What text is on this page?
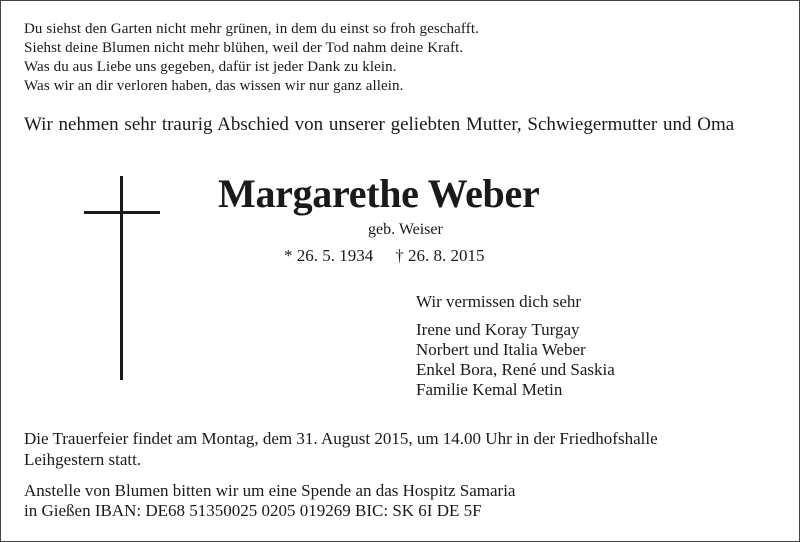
Du siehst den Garten nicht mehr grünen, in dem du einst so froh geschafft.
Siehst deine Blumen nicht mehr blühen, weil der Tod nahm deine Kraft.
Was du aus Liebe uns gegeben, dafür ist jeder Dank zu klein.
Was wir an dir verloren haben, das wissen wir nur ganz allein.
Wir nehmen sehr traurig Abschied von unserer geliebten Mutter, Schwiegermutter und Oma
Margarethe Weber
geb. Weiser
* 26. 5. 1934 † 26. 8. 2015
Wir vermissen dich sehr
Irene und Koray Turgay
Norbert und Italia Weber
Enkel Bora, René und Saskia
Familie Kemal Metin
Die Trauerfeier findet am Montag, dem 31. August 2015, um 14.00 Uhr in der Friedhofshalle
Leihgestern statt.
Anstelle von Blumen bitten wir um eine Spende an das Hospitz Samaria
in Gießen IBAN: DE68 51350025 0205 019269 BIC: SK 6I DE 5F
